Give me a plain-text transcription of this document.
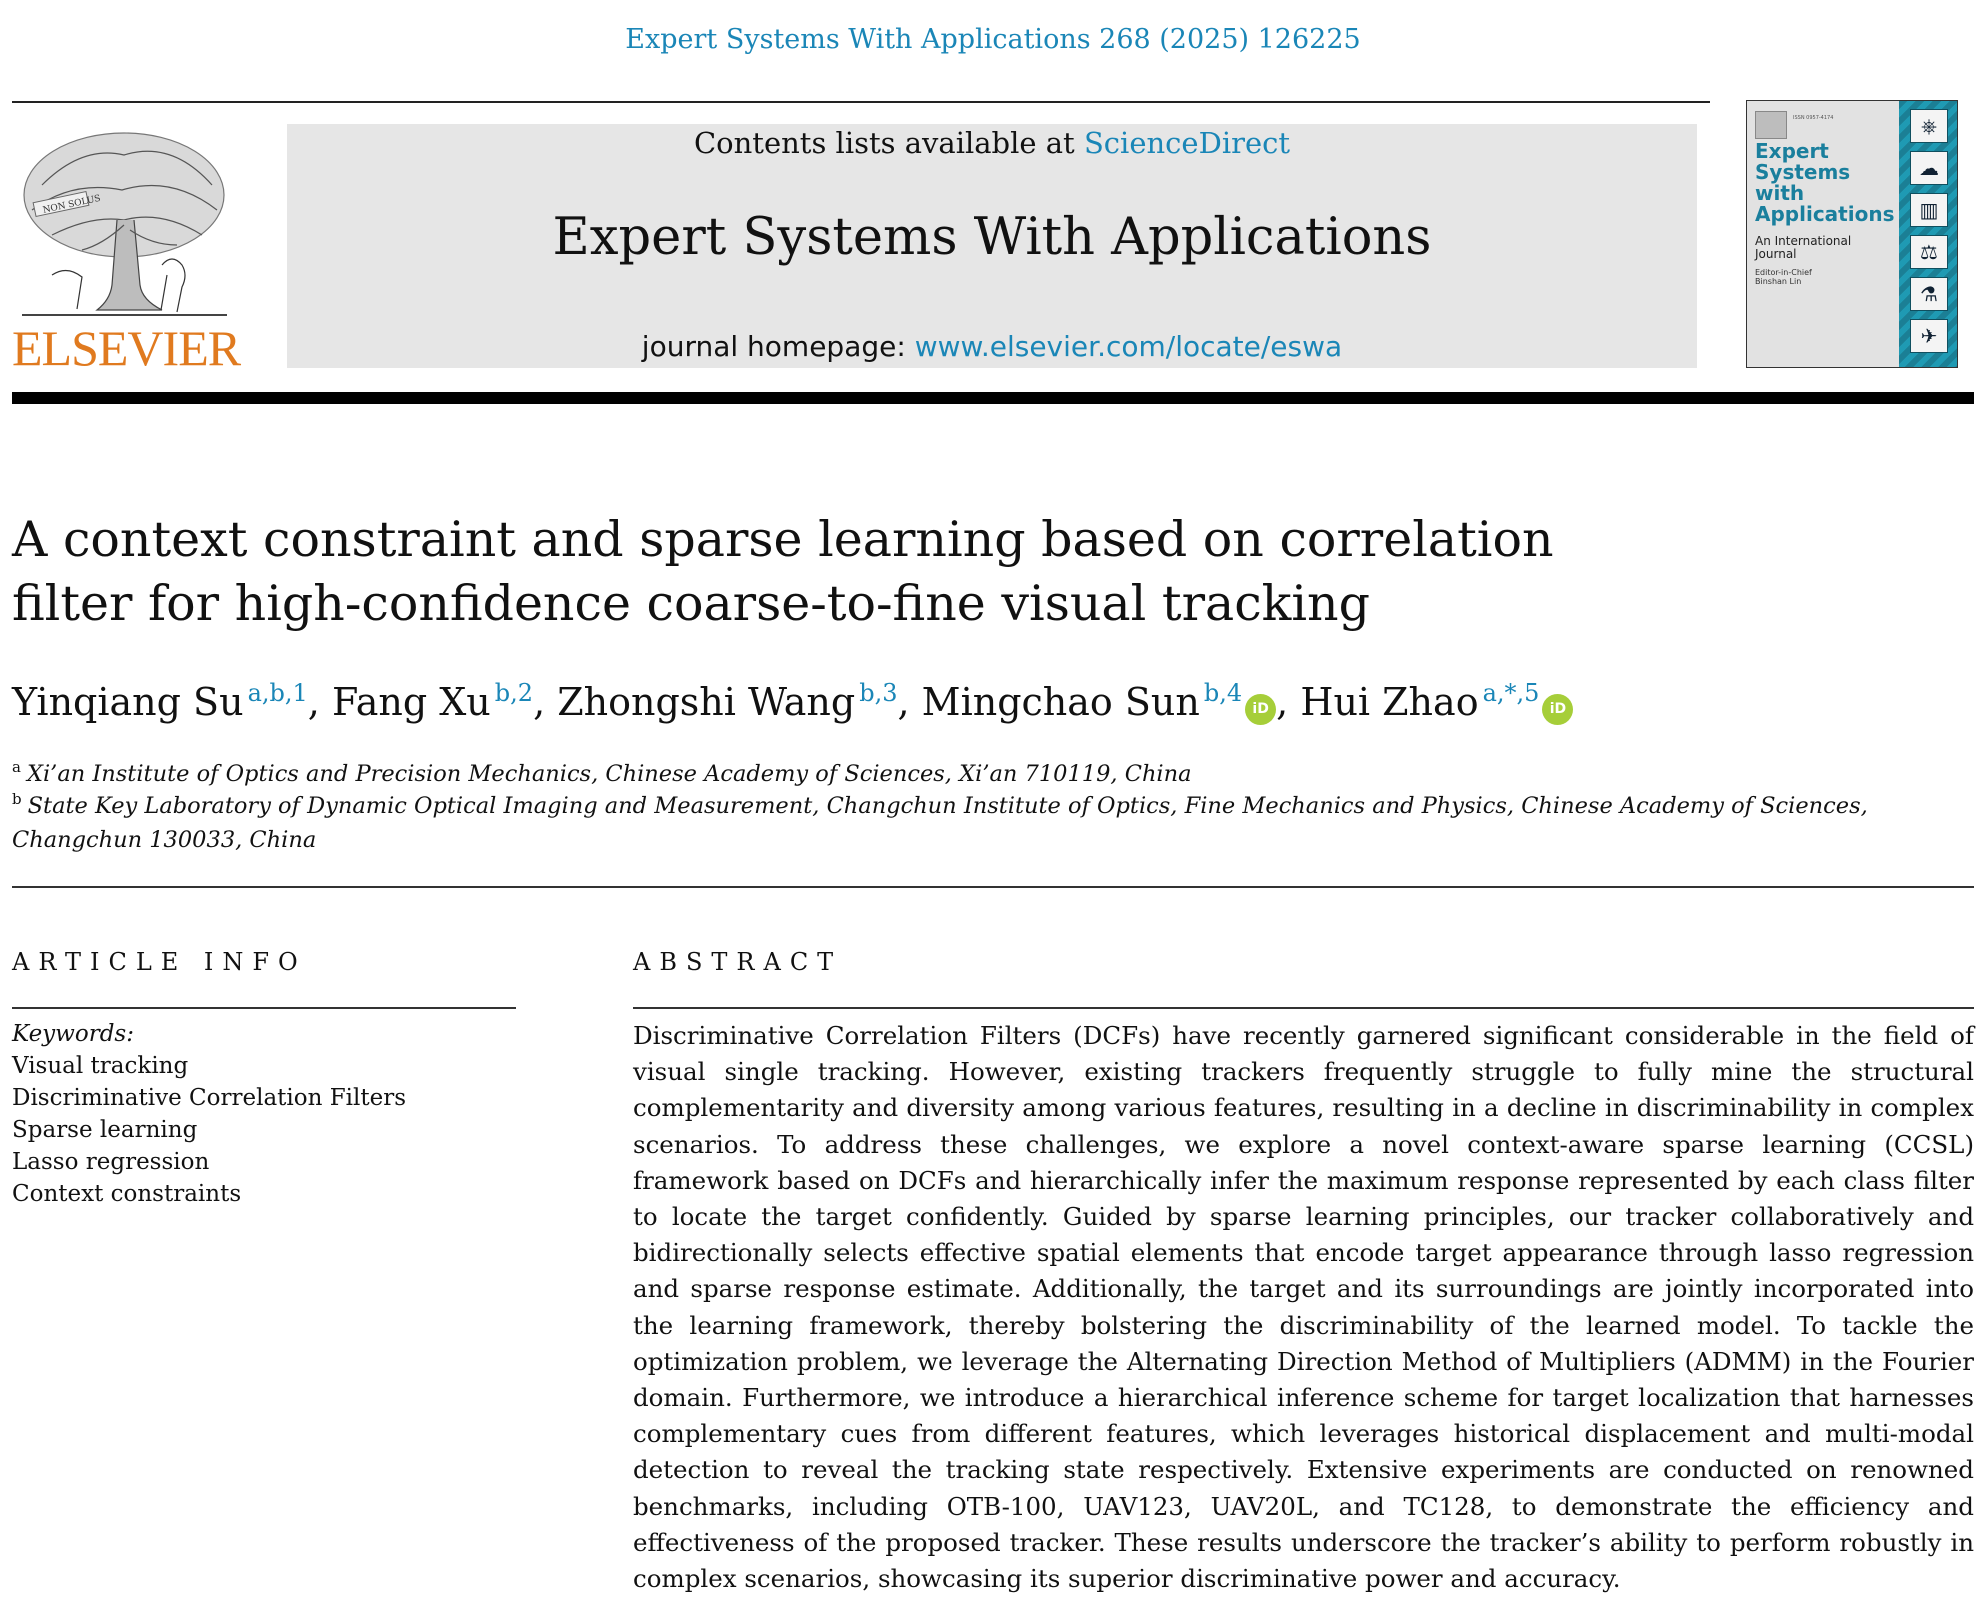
Expert Systems With Applications 268 (2025) 126225
NON SOLUS
ELSEVIER
Contents lists available at ScienceDirect
Expert Systems With Applications
journal homepage: www.elsevier.com/locate/eswa
ISSN 0957-4174
Expert Systems with Applications
An International Journal
Editor-in-Chief
Binshan Lin
⎈
☁
▥
⚖
⚗
✈
A context constraint and sparse learning based on correlation filter for high-confidence coarse-to-fine visual tracking
Yinqiang Su $^{a,b,1}$, Fang Xu $^{b,2}$, Zhongshi Wang $^{b,3}$, Mingchao Sun $^{b,4}$iD , Hui Zhao $^{a,*,5}$iD
$^a$ Xi’an Institute of Optics and Precision Mechanics, Chinese Academy of Sciences, Xi’an 710119, China
$^b$ State Key Laboratory of Dynamic Optical Imaging and Measurement, Changchun Institute of Optics, Fine Mechanics and Physics, Chinese Academy of Sciences, Changchun 130033, China
ARTICLE INFO
Keywords:
Visual tracking
Discriminative Correlation Filters
Sparse learning
Lasso regression
Context constraints
ABSTRACT
Discriminative Correlation Filters (DCFs) have recently garnered significant considerable in the field of visual single tracking. However, existing trackers frequently struggle to fully mine the structural complementarity and diversity among various features, resulting in a decline in discriminability in complex scenarios. To address these challenges, we explore a novel context-aware sparse learning (CCSL) framework based on DCFs and hierarchically infer the maximum response represented by each class filter to locate the target confidently. Guided by sparse learning principles, our tracker collaboratively and bidirectionally selects effective spatial elements that encode target appearance through lasso regression and sparse response estimate. Additionally, the target and its surroundings are jointly incorporated into the learning framework, thereby bolstering the discriminability of the learned model. To tackle the optimization problem, we leverage the Alternating Direction Method of Multipliers (ADMM) in the Fourier domain. Furthermore, we introduce a hierarchical inference scheme for target localization that harnesses complementary cues from different features, which leverages historical displacement and multi-modal detection to reveal the tracking state respectively. Extensive experiments are conducted on renowned benchmarks, including OTB-100, UAV123, UAV20L, and TC128, to demonstrate the efficiency and effectiveness of the proposed tracker. These results underscore the tracker’s ability to perform robustly in complex scenarios, showcasing its superior discriminative power and accuracy.
